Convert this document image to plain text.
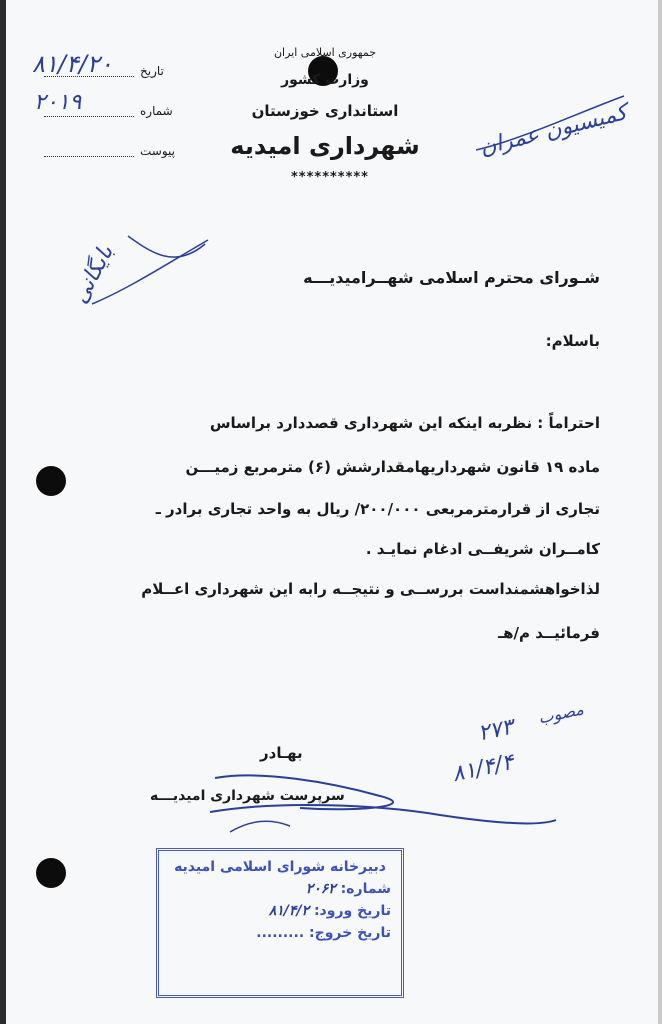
جمهوری اسلامی ایران
وزارت کشور
استانداری خوزستان
شهرداری امیدیه
**********
تاریخ
شماره
پیوست
۸۱/۴/۲۰
۲۰۱۹	کمیسیون عمران
بایگانی	شـورای محترم اسلامی شهــرامیدیـــه
باسلام:
احتراماً : نظربه اینکه این شهرداری قصددارد براساس
ماده ۱۹ قانون شهرداریهامقدارشش (۶) مترمربع زمیـــن
تجاری از قرارمترمربعی ۲۰۰/۰۰۰/ ریال به واحد تجاری برادر ـ
کامــران شریفــی ادغام نمایـد .
لذاخواهشمنداست بررســی و نتیجــه رابه این شهرداری اعــلام
فرمائیــد م/هـ
مصوب
۲۷۳
۸۱/۴/۴
بهـادر
سرپرست شهرداری امیدیـــه
دبیرخانه شورای اسلامی امیدیه
شماره: ۲۰۶۲
تاریخ ورود: ۸۱/۴/۲
تاریخ خروج: .........
